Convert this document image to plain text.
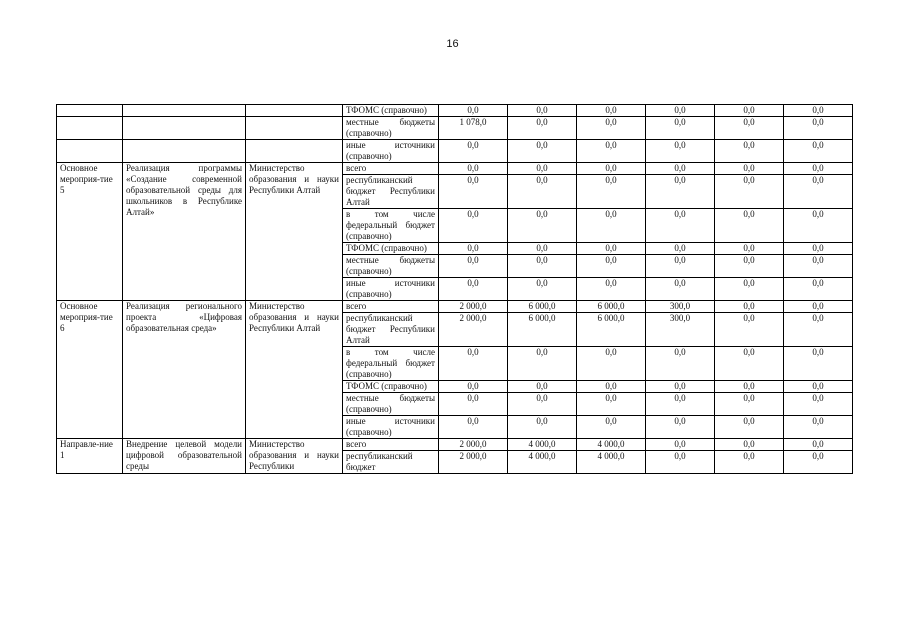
16
			ТФОМС (справочно)	0,0	0,0	0,0	0,0	0,0	0,0
			местные бюджеты (справочно)	1 078,0	0,0	0,0	0,0	0,0	0,0
			иные источники (справочно)	0,0	0,0	0,0	0,0	0,0	0,0
Основное мероприя-тие 5	Реализация программы «Создание современной образовательной среды для школьников в Республике Алтай»	Министерство образования и науки Республики Алтай	всего	0,0	0,0	0,0	0,0	0,0	0,0
			республиканский бюджет Республики Алтай	0,0	0,0	0,0	0,0	0,0	0,0
			в том числе федеральный бюджет (справочно)	0,0	0,0	0,0	0,0	0,0	0,0
			ТФОМС (справочно)	0,0	0,0	0,0	0,0	0,0	0,0
			местные бюджеты (справочно)	0,0	0,0	0,0	0,0	0,0	0,0
			иные источники (справочно)	0,0	0,0	0,0	0,0	0,0	0,0
Основное мероприя-тие 6	Реализация регионального проекта «Цифровая образовательная среда»	Министерство образования и науки Республики Алтай	всего	2 000,0	6 000,0	6 000,0	300,0	0,0	0,0
			республиканский бюджет Республики Алтай	2 000,0	6 000,0	6 000,0	300,0	0,0	0,0
			в том числе федеральный бюджет (справочно)	0,0	0,0	0,0	0,0	0,0	0,0
			ТФОМС (справочно)	0,0	0,0	0,0	0,0	0,0	0,0
			местные бюджеты (справочно)	0,0	0,0	0,0	0,0	0,0	0,0
			иные источники (справочно)	0,0	0,0	0,0	0,0	0,0	0,0
Направле-ние 1	Внедрение целевой модели цифровой образовательной среды	Министерство образования и науки Республики	всего	2 000,0	4 000,0	4 000,0	0,0	0,0	0,0
			республиканский бюджет	2 000,0	4 000,0	4 000,0	0,0	0,0	0,0
